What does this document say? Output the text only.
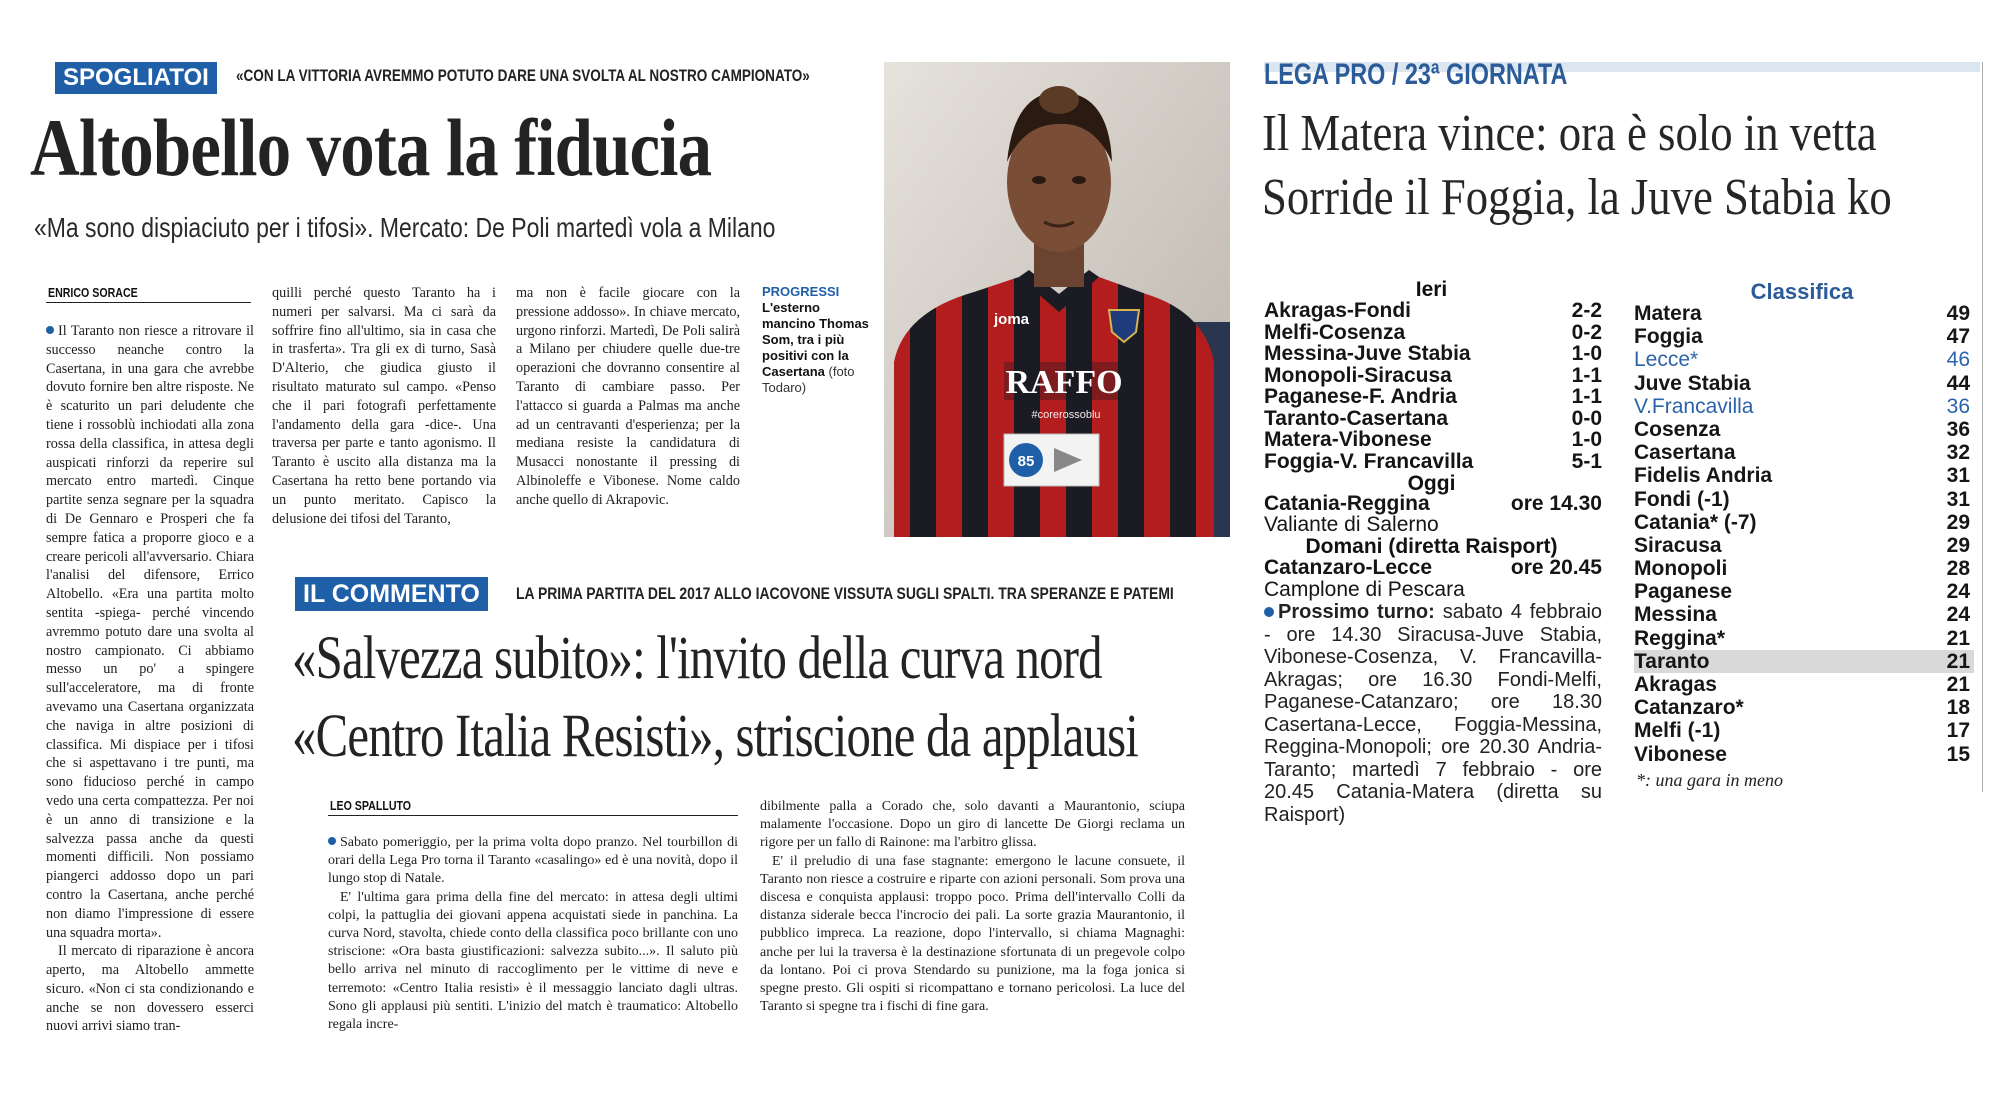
SPOGLIATOI	«CON LA VITTORIA AVREMMO POTUTO DARE UNA SVOLTA AL NOSTRO CAMPIONATO»
Altobello vota la fiducia
«Ma sono dispiaciuto per i tifosi». Mercato: De Poli martedì vola a Milano
ENRICO SORACE

Il Taranto non riesce a ritrovare il successo neanche contro la Casertana, in una gara che avrebbe dovuto fornire ben altre risposte. Ne è scaturito un pari deludente che tiene i rossoblù inchiodati alla zona rossa della classifica, in attesa degli auspicati rinforzi da reperire sul mercato entro martedì. Cinque partite senza segnare per la squadra di De Gennaro e Prosperi che fa sempre fatica a proporre gioco e a creare pericoli all'avversario. Chiara l'analisi del difensore, Errico Altobello. «Era una partita molto sentita -spiega- perché vincendo avremmo potuto dare una svolta al nostro campionato. Ci abbiamo messo un po' a spingere sull'acceleratore, ma di fronte avevamo una Casertana organizzata che naviga in altre posizioni di classifica. Mi dispiace per i tifosi che si aspettavano i tre punti, ma sono fiducioso perché in campo vedo una certa compattezza. Per noi è un anno di transizione e la salvezza passa anche da questi momenti difficili. Non possiamo piangerci addosso dopo un pari contro la Casertana, anche perché non diamo l'impressione di essere una squadra morta».

Il mercato di riparazione è ancora aperto, ma Altobello ammette sicuro. «Non ci sta condizionando e anche se non dovessero esserci nuovi arrivi siamo tran-

quilli perché questo Taranto ha i numeri per salvarsi. Ma ci sarà da soffrire fino all'ultimo, sia in casa che in trasferta». Tra gli ex di turno, Sasà D'Alterio, che giudica giusto il risultato maturato sul campo. «Penso che il pari fotografi perfettamente l'andamento della gara -dice-. Una traversa per parte e tanto agonismo. Il Taranto è uscito alla distanza ma la Casertana ha retto bene portando via un punto meritato. Capisco la delusione dei tifosi del Taranto,

ma non è facile giocare con la pressione addosso». In chiave mercato, urgono rinforzi. Martedì, De Poli salirà a Milano per chiudere quelle due-tre operazioni che dovranno consentire al Taranto di cambiare passo. Per l'attacco si guarda a Palmas ma anche ad un centravanti d'esperienza; per la mediana resiste la candidatura di Musacci nonostante il pressing di Albinoleffe e Vibonese. Nome caldo anche quello di Akrapovic.

PROGRESSI
L'esterno mancino Thomas Som, tra i più positivi con la Casertana (foto Todaro)	RAFFO
#corerossoblu
joma
85
IL COMMENTO	LA PRIMA PARTITA DEL 2017 ALLO IACOVONE VISSUTA SUGLI SPALTI. TRA SPERANZE E PATEMI
«Salvezza subito»: l'invito della curva nord
«Centro Italia Resisti», striscione da applausi
LEO SPALLUTO

Sabato pomeriggio, per la prima volta dopo pranzo. Nel tourbillon di orari della Lega Pro torna il Taranto «casalingo» ed è una novità, dopo il lungo stop di Natale.

E' l'ultima gara prima della fine del mercato: in attesa degli ultimi colpi, la pattuglia dei giovani appena acquistati siede in panchina. La curva Nord, stavolta, chiede conto della classifica poco brillante con uno striscione: «Ora basta giustificazioni: salvezza subito...». Il saluto più bello arriva nel minuto di raccoglimento per le vittime di neve e terremoto: «Centro Italia resisti» è il messaggio lanciato dagli ultras. Sono gli applausi più sentiti. L'inizio del match è traumatico: Altobello regala incre-

dibilmente palla a Corado che, solo davanti a Maurantonio, sciupa malamente l'occasione. Dopo un giro di lancette De Giorgi reclama un rigore per un fallo di Rainone: ma l'arbitro glissa.

E' il preludio di una fase stagnante: emergono le lacune consuete, il Taranto non riesce a costruire e riparte con azioni personali. Som prova una discesa e conquista applausi: troppo poco. Prima dell'intervallo Colli da distanza siderale becca l'incrocio dei pali. La sorte grazia Maurantonio, il pubblico impreca. La reazione, dopo l'intervallo, si chiama Magnaghi: anche per lui la traversa è la destinazione sfortunata di un pregevole colpo da lontano. Poi ci prova Stendardo su punizione, ma la foga jonica si spegne presto. Gli ospiti si ricompattano e tornano pericolosi. La luce del Taranto si spegne tra i fischi di fine gara.

LEGA PRO / 23ª GIORNATA
Il Matera vince: ora è solo in vetta
Sorride il Foggia, la Juve Stabia ko
Ieri
Akragas-Fondi	2-2
Melfi-Cosenza	0-2
Messina-Juve Stabia	1-0
Monopoli-Siracusa	1-1
Paganese-F. Andria	1-1
Taranto-Casertana	0-0
Matera-Vibonese	1-0
Foggia-V. Francavilla	5-1
Oggi
Catania-Reggina	ore 14.30
Valiante di Salerno
Domani (diretta Raisport)
Catanzaro-Lecce	ore 20.45
Camplone di Pescara
Prossimo turno: sabato 4 febbraio - ore 14.30 Siracusa-Juve Stabia, Vibonese-Cosenza, V. Francavilla-Akragas; ore 16.30 Fondi-Melfi, Paganese-Catanzaro; ore 18.30 Casertana-Lecce, Foggia-Messina, Reggina-Monopoli; ore 20.30 Andria-Taranto; martedì 7 febbraio - ore 20.45 Catania-Matera (diretta su Raisport)
Classifica
Matera	49
Foggia	47
Lecce*	46
Juve Stabia	44
V.Francavilla	36
Cosenza	36
Casertana	32
Fidelis Andria	31
Fondi (-1)	31
Catania* (-7)	29
Siracusa	29
Monopoli	28
Paganese	24
Messina	24
Reggina*	21
Taranto	21
Akragas	21
Catanzaro*	18
Melfi (-1)	17
Vibonese	15
*: una gara in meno
